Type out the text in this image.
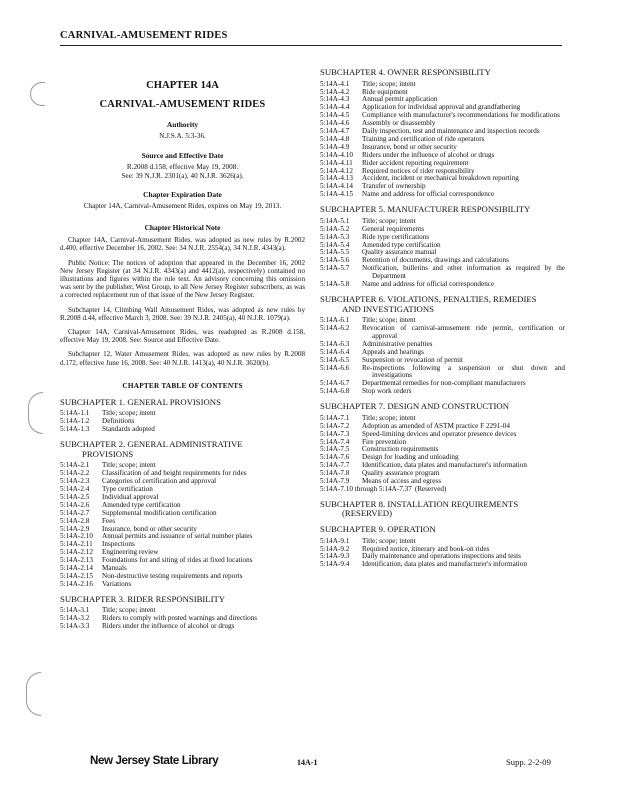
CARNIVAL-AMUSEMENT RIDES
CHAPTER 14A
CARNIVAL-AMUSEMENT RIDES
Authority
N.J.S.A. 5:3-36.
Source and Effective Date
R.2008 d.158, effective May 19, 2008.
See: 39 N.J.R. 2301(a), 40 N.J.R. 3626(a).
Chapter Expiration Date
Chapter 14A, Carnival-Amusement Rides, expires on May 19, 2013.
Chapter Historical Note
Chapter 14A, Carnival-Amusement Rides, was adopted as new rules by R.2002 d.400, effective December 16, 2002. See: 34 N.J.R. 2554(a), 34 N.J.R. 4343(a).
Public Notice: The notices of adoption that appeared in the December 16, 2002 New Jersey Register (at 34 N.J.R. 4343(a) and 4412(a), respectively) contained no illustrations and figures within the rule text. An advisory concerning this omission was sent by the publisher, West Group, to all New Jersey Register subscribers, as was a corrected replacement run of that issue of the New Jersey Register.
Subchapter 14, Climbing Wall Amusement Rides, was adopted as new rules by R.2008 d.44, effective March 3, 2008. See: 39 N.J.R. 2405(a), 40 N.J.R. 1079(a).
Chapter 14A, Carnival-Amusement Rides, was readopted as R.2008 d.158, effective May 19, 2008. See: Source and Effective Date.
Subchapter 12, Water Amusement Rides, was adopted as new rules by R.2008 d.172, effective June 16, 2008. See: 40 N.J.R. 1413(a), 40 N.J.R. 3620(b).
CHAPTER TABLE OF CONTENTS
SUBCHAPTER 1. GENERAL PROVISIONS
5:14A-1.1	Title; scope; intent
5:14A-1.2	Definitions
5:14A-1.3	Standards adopted
SUBCHAPTER 2. GENERAL ADMINISTRATIVE
PROVISIONS
5:14A-2.1	Title; scope; intent
5:14A-2.2	Classification of and height requirements for rides
5:14A-2.3	Categories of certification and approval
5:14A-2.4	Type certification
5:14A-2.5	Individual approval
5:14A-2.6	Amended type certification
5:14A-2.7	Supplemental modification certification
5:14A-2.8	Fees
5:14A-2.9	Insurance, bond or other security
5:14A-2.10	Annual permits and issuance of serial number plates
5:14A-2.11	Inspections
5:14A-2.12	Engineering review
5:14A-2.13	Foundations for and siting of rides at fixed locations
5:14A-2.14	Manuals
5:14A-2.15	Non-destructive testing requirements and reports
5:14A-2.16	Variations
SUBCHAPTER 3. RIDER RESPONSIBILITY
5:14A-3.1	Title; scope; intent
5:14A-3.2	Riders to comply with posted warnings and directions
5:14A-3.3	Riders under the influence of alcohol or drugs
SUBCHAPTER 4. OWNER RESPONSIBILITY
5:14A-4.1	Title; scope; intent
5:14A-4.2	Ride equipment
5:14A-4.3	Annual permit application
5:14A-4.4	Application for individual approval and grandfathering
5:14A-4.5	Compliance with manufacturer's recommendations for modifications
5:14A-4.6	Assembly or disassembly
5:14A-4.7	Daily inspection, test and maintenance and inspection records
5:14A-4.8	Training and certification of ride operators
5:14A-4.9	Insurance, bond or other security
5:14A-4.10	Riders under the influence of alcohol or drugs
5:14A-4.11	Rider accident reporting requirement
5:14A-4.12	Required notices of rider responsibility
5:14A-4.13	Accident, incident or mechanical breakdown reporting
5:14A-4.14	Transfer of ownership
5:14A-4.15	Name and address for official correspondence
SUBCHAPTER 5. MANUFACTURER RESPONSIBILITY
5:14A-5.1	Title; scope; intent
5:14A-5.2	General requirements
5:14A-5.3	Ride type certifications
5:14A-5.4	Amended type certification
5:14A-5.5	Quality assurance manual
5:14A-5.6	Retention of documents, drawings and calculations
5:14A-5.7	Notification, bulletins and other information as required by the Department
5:14A-5.8	Name and address for official correspondence
SUBCHAPTER 6. VIOLATIONS, PENALTIES, REMEDIES
AND INVESTIGATIONS
5:14A-6.1	Title; scope; intent
5:14A-6.2	Revocation of carnival-amusement ride permit, certification or approval
5:14A-6.3	Administrative penalties
5:14A-6.4	Appeals and hearings
5:14A-6.5	Suspension or revocation of permit
5:14A-6.6	Re-inspections following a suspension or shut down and investigations
5:14A-6.7	Departmental remedies for non-compliant manufacturers
5:14A-6.8	Stop work orders
SUBCHAPTER 7. DESIGN AND CONSTRUCTION
5:14A-7.1	Title; scope; intent
5:14A-7.2	Adoption as amended of ASTM practice F 2291-04
5:14A-7.3	Speed-limiting devices and operator presence devices
5:14A-7.4	Fire prevention
5:14A-7.5	Construction requirements
5:14A-7.6	Design for loading and unloading
5:14A-7.7	Identification, data plates and manufacturer's information
5:14A-7.8	Quality assurance program
5:14A-7.9	Means of access and egress
5:14A-7.10 through 5:14A-7.37 (Reserved)
SUBCHAPTER 8. INSTALLATION REQUIREMENTS
(RESERVED)
SUBCHAPTER 9. OPERATION
5:14A-9.1	Title; scope; intent
5:14A-9.2	Required notice, itinerary and book-on rides
5:14A-9.3	Daily maintenance and operations inspections and tests
5:14A-9.4	Identification, data plates and manufacturer's information
New Jersey State Library	14A-1	Supp. 2-2-09
